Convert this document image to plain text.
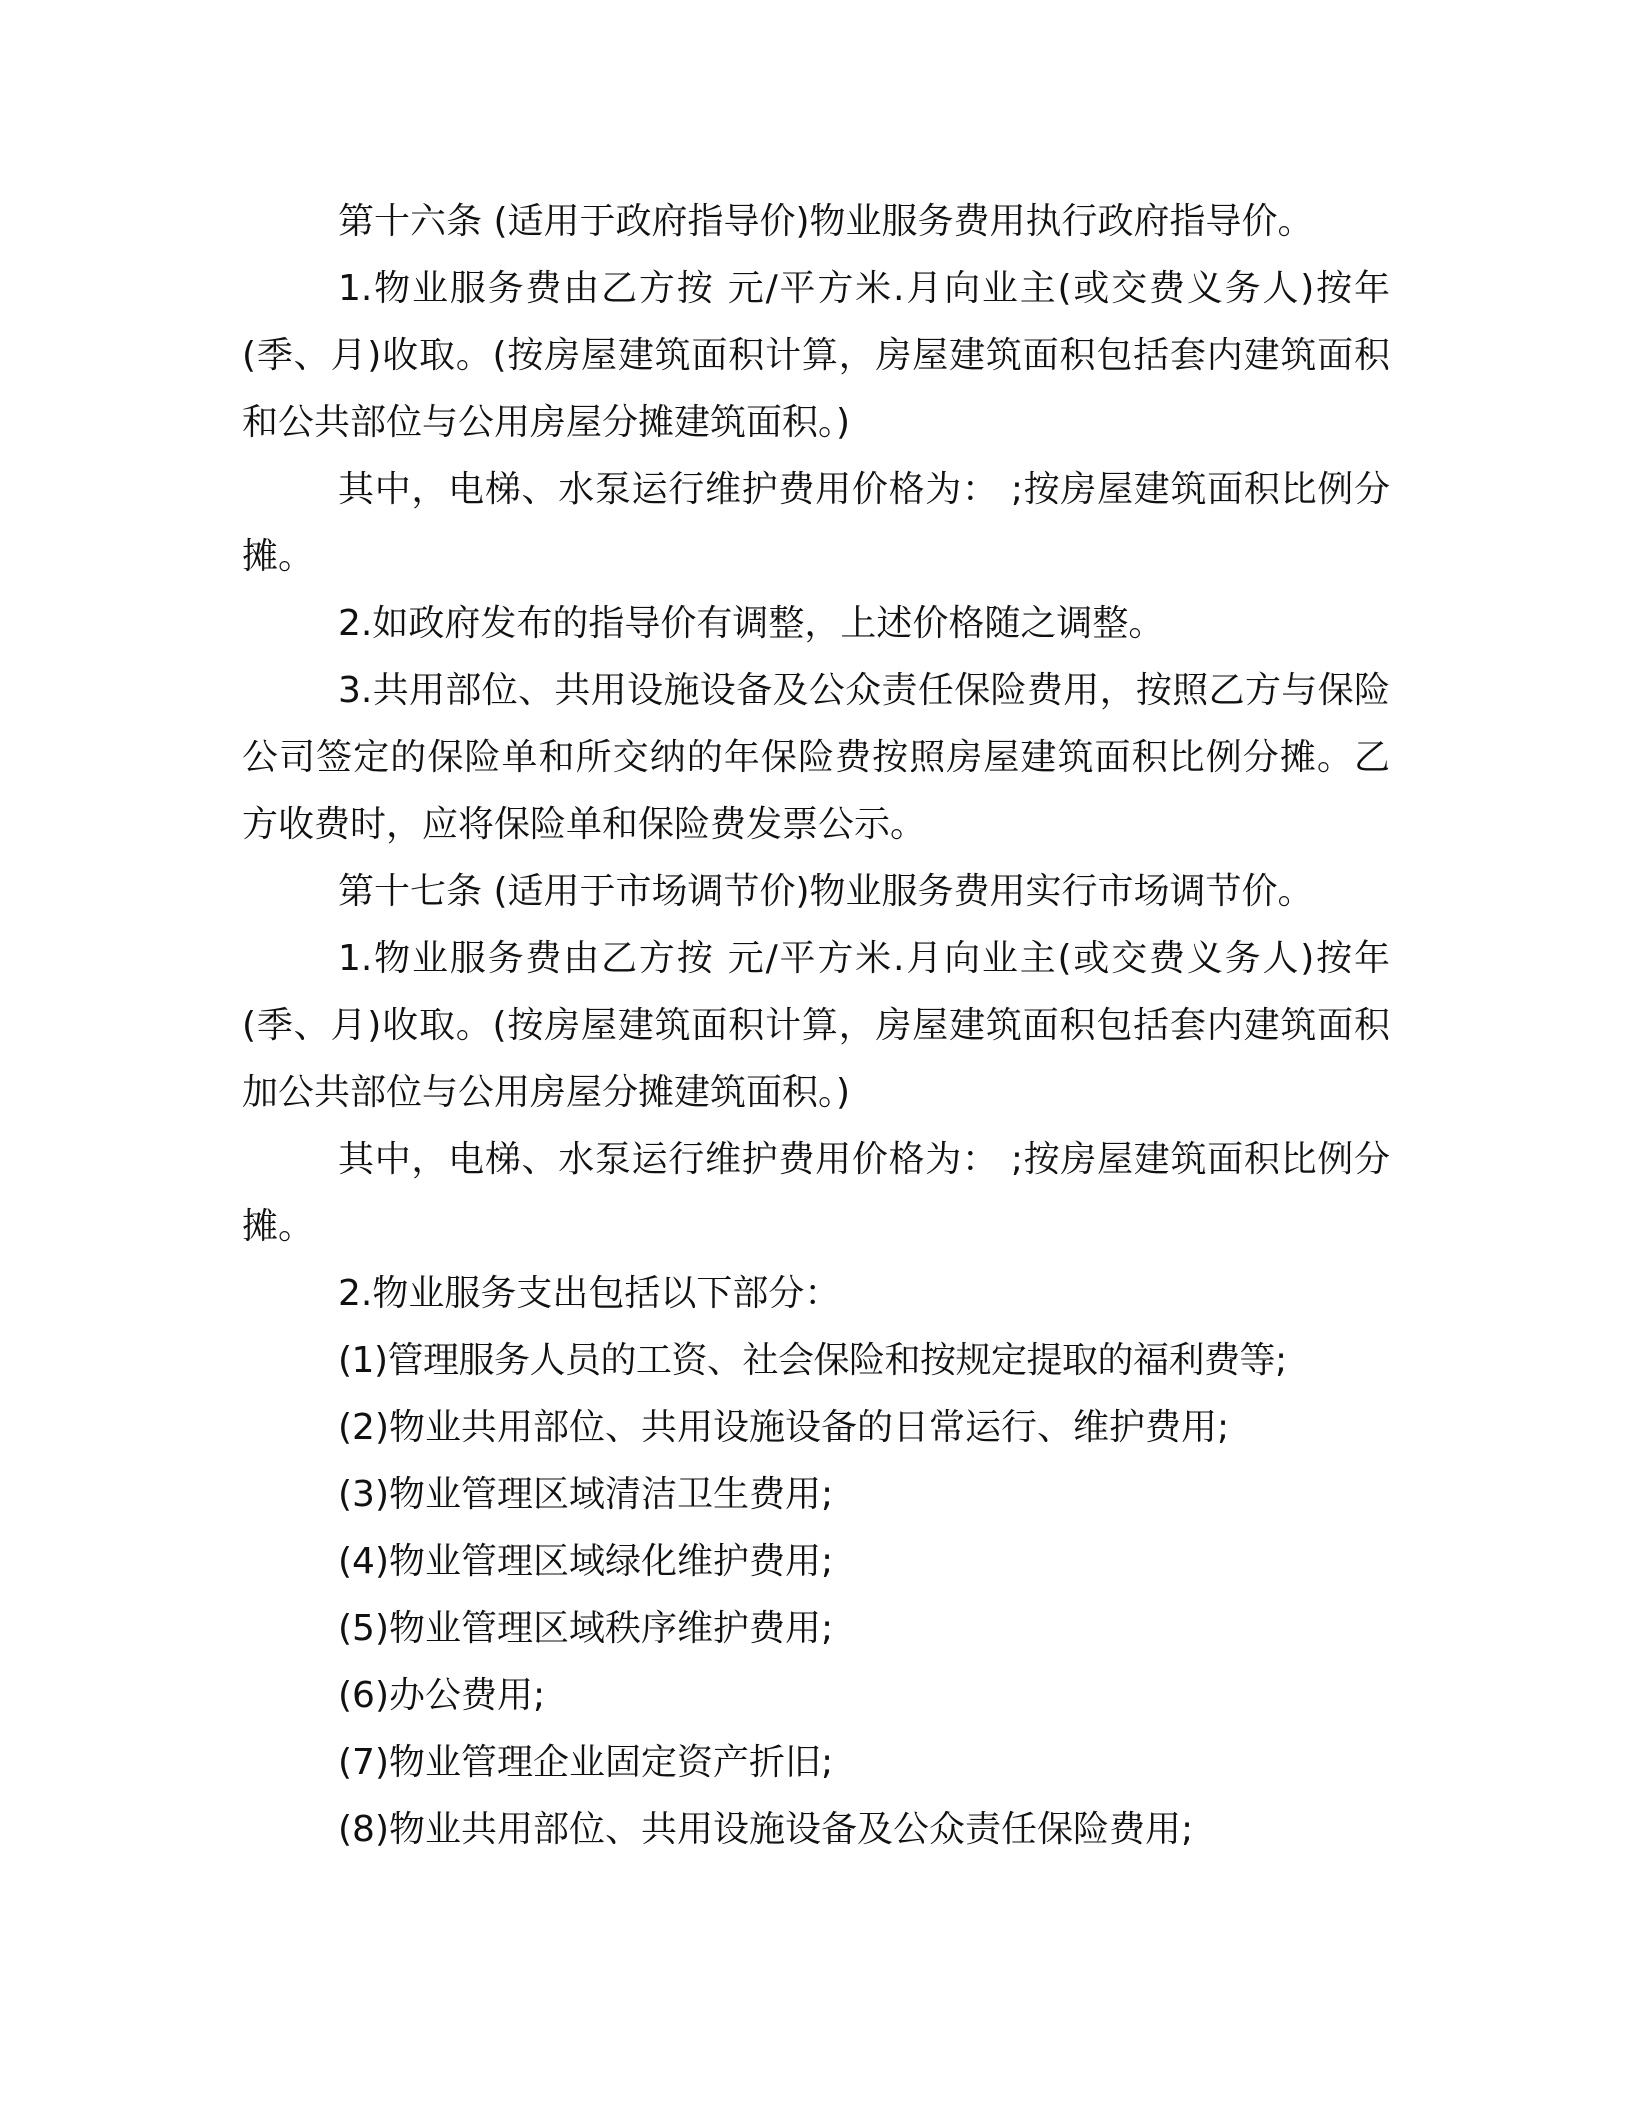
第十六条 (适用于政府指导价)物业服务费用执行政府指导价。

1.物业服务费由乙方按 元/平方米.月向业主(或交费义务人)按年(季、月)收取。(按房屋建筑面积计算，房屋建筑面积包括套内建筑面积和公共部位与公用房屋分摊建筑面积。)

其中，电梯、水泵运行维护费用价格为： ;按房屋建筑面积比例分摊。

2.如政府发布的指导价有调整，上述价格随之调整。

3.共用部位、共用设施设备及公众责任保险费用，按照乙方与保险公司签定的保险单和所交纳的年保险费按照房屋建筑面积比例分摊。乙方收费时，应将保险单和保险费发票公示。

第十七条 (适用于市场调节价)物业服务费用实行市场调节价。

1.物业服务费由乙方按 元/平方米.月向业主(或交费义务人)按年(季、月)收取。(按房屋建筑面积计算，房屋建筑面积包括套内建筑面积加公共部位与公用房屋分摊建筑面积。)

其中，电梯、水泵运行维护费用价格为： ;按房屋建筑面积比例分摊。

2.物业服务支出包括以下部分：

(1)管理服务人员的工资、社会保险和按规定提取的福利费等;

(2)物业共用部位、共用设施设备的日常运行、维护费用;

(3)物业管理区域清洁卫生费用;

(4)物业管理区域绿化维护费用;

(5)物业管理区域秩序维护费用;

(6)办公费用;

(7)物业管理企业固定资产折旧;

(8)物业共用部位、共用设施设备及公众责任保险费用;
